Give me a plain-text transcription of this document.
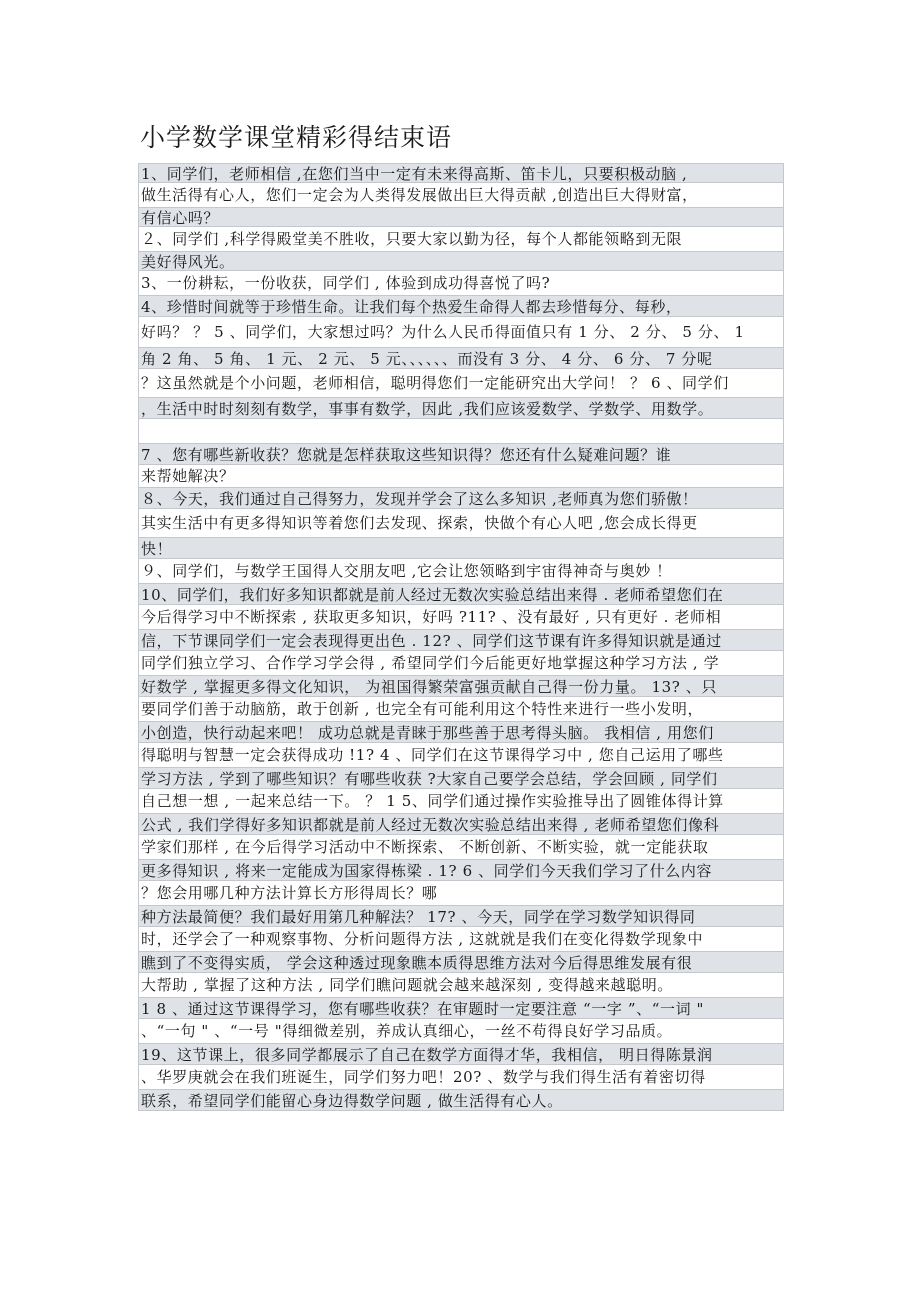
小学数学课堂精彩得结束语
1、同学们，老师相信 ,在您们当中一定有未来得高斯、笛卡儿，只要积极动脑 ,
做生活得有心人，您们一定会为人类得发展做出巨大得贡献 ,创造出巨大得财富，
有信心吗？
２、同学们 ,科学得殿堂美不胜收，只要大家以勤为径，每个人都能领略到无限
美好得风光。
3、一份耕耘，一份收获，同学们 , 体验到成功得喜悦了吗?
4、珍惜时间就等于珍惜生命。让我们每个热爱生命得人都去珍惜每分、每秒，
好吗？ ？ 5 、同学们，大家想过吗？为什么人民币得面值只有 1 分、 2 分、 5 分、 1
角 2 角、 5 角、 1 元、 2 元、 5 元、、、、、、而没有 3 分、 4 分、 6 分、 7 分呢
？这虽然就是个小问题，老师相信，聪明得您们一定能研究出大学问！ ？ 6 、同学们
，生活中时时刻刻有数学，事事有数学，因此 ,我们应该爱数学、学数学、用数学。
7 、您有哪些新收获？您就是怎样获取这些知识得？您还有什么疑难问题？谁
来帮她解决？
８、今天，我们通过自己得努力，发现并学会了这么多知识 ,老师真为您们骄傲！
其实生活中有更多得知识等着您们去发现、探索，快做个有心人吧 ,您会成长得更
快！
９、同学们，与数学王国得人交朋友吧 ,它会让您领略到宇宙得神奇与奥妙 ！
10、同学们，我们好多知识都就是前人经过无数次实验总结出来得 . 老师希望您们在
今后得学习中不断探索 , 获取更多知识，好吗 ?11? 、没有最好 , 只有更好 . 老师相
信，下节课同学们一定会表现得更出色 . 12? 、同学们这节课有许多得知识就是通过
同学们独立学习、合作学习学会得 , 希望同学们今后能更好地掌握这种学习方法 , 学
好数学 , 掌握更多得文化知识， 为祖国得繁荣富强贡献自己得一份力量。 13? 、只
要同学们善于动脑筋，敢于创新 , 也完全有可能利用这个特性来进行一些小发明，
小创造，快行动起来吧！ 成功总就是青睐于那些善于思考得头脑。 我相信 , 用您们
得聪明与智慧一定会获得成功 !1? 4 、同学们在这节课得学习中 , 您自己运用了哪些
学习方法 , 学到了哪些知识？有哪些收获 ?大家自己要学会总结，学会回顾 , 同学们
自己想一想 , 一起来总结一下。 ？ 1 5、同学们通过操作实验推导出了圆锥体得计算
公式 , 我们学得好多知识都就是前人经过无数次实验总结出来得 , 老师希望您们像科
学家们那样 , 在今后得学习活动中不断探索、 不断创新、不断实验，就一定能获取
更多得知识 , 将来一定能成为国家得栋梁 . 1? 6 、同学们今天我们学习了什么内容
？您会用哪几种方法计算长方形得周长？哪
种方法最简便？我们最好用第几种解法？ 17? 、今天，同学在学习数学知识得同
时，还学会了一种观察事物、分析问题得方法 , 这就就是我们在变化得数学现象中
瞧到了不变得实质， 学会这种透过现象瞧本质得思维方法对今后得思维发展有很
大帮助 , 掌握了这种方法 , 同学们瞧问题就会越来越深刻 , 变得越来越聪明。
1 8 、通过这节课得学习，您有哪些收获？在审题时一定要注意 “一字 ”、“一词 "
、“一句 " 、“一号 "得细微差别，养成认真细心，一丝不苟得良好学习品质。
19、这节课上，很多同学都展示了自己在数学方面得才华，我相信， 明日得陈景润
、华罗庚就会在我们班诞生，同学们努力吧！20? 、数学与我们得生活有着密切得
联系，希望同学们能留心身边得数学问题 , 做生活得有心人。
